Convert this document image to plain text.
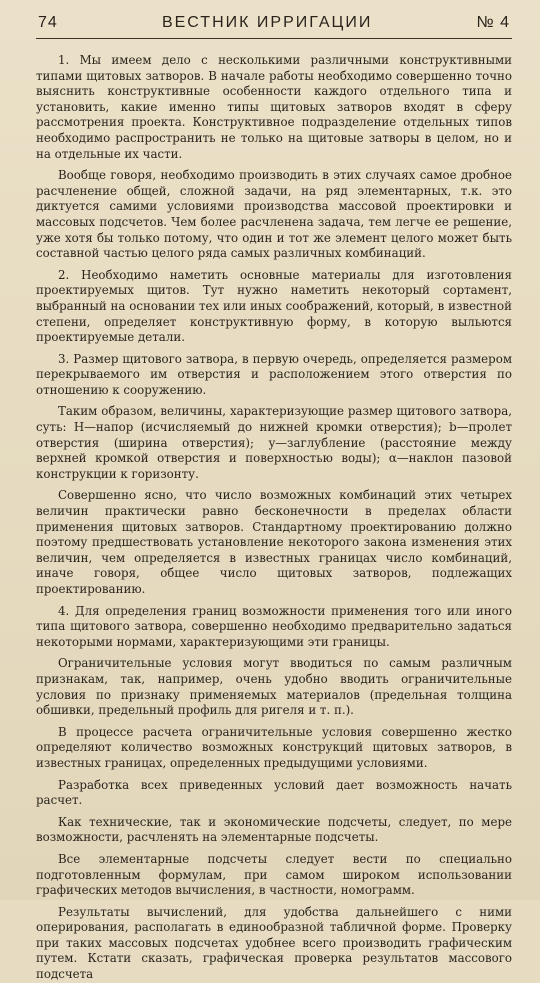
74	ВЕСТНИК ИРРИГАЦИИ	№ 4

1. Мы имеем дело с несколькими различными конструктивными типами щитовых затворов. В начале работы необходимо совершенно точно выяснить конструктивные особенности каждого отдельного типа и установить, какие именно типы щитовых затворов входят в сферу рассмотрения проекта. Конструктивное подразделение отдельных типов необходимо распространить не только на щитовые затворы в целом, но и на отдельные их части.

Вообще говоря, необходимо производить в этих случаях самое дробное расчленение общей, сложной задачи, на ряд элементарных, т.к. это диктуется самими условиями производства массовой проектировки и массовых подсчетов. Чем более расчленена задача, тем легче ее решение, уже хотя бы только потому, что один и тот же элемент целого может быть составной частью целого ряда самых различных комбинаций.

2. Необходимо наметить основные материалы для изготовления проектируемых щитов. Тут нужно наметить некоторый сортамент, выбранный на основании тех или иных соображений, который, в известной степени, определяет конструктивную форму, в которую выльются проектируемые детали.

3. Размер щитового затвора, в первую очередь, определяется размером перекрываемого им отверстия и расположением этого отверстия по отношению к сооружению.

Таким образом, величины, характеризующие размер щитового затвора, суть: H—напор (исчисляемый до нижней кромки отверстия); b—пролет отверстия (ширина отверстия); y—заглубление (расстояние между верхней кромкой отверстия и поверхностью воды); α—наклон пазовой конструкции к горизонту.

Совершенно ясно, что число возможных комбинаций этих четырех величин практически равно бесконечности в пределах области применения щитовых затворов. Стандартному проектированию должно поэтому предшествовать установление некоторого закона изменения этих величин, чем определяется в известных границах число комбинаций, иначе говоря, общее число щитовых затворов, подлежащих проектированию.

4. Для определения границ возможности применения того или иного типа щитового затвора, совершенно необходимо предварительно задаться некоторыми нормами, характеризующими эти границы.

Ограничительные условия могут вводиться по самым различным признакам, так, например, очень удобно вводить ограничительные условия по признаку применяемых материалов (предельная толщина обшивки, предельный профиль для ригеля и т. п.).

В процессе расчета ограничительные условия совершенно жестко определяют количество возможных конструкций щитовых затворов, в известных границах, определенных предыдущими условиями.

Разработка всех приведенных условий дает возможность начать расчет.

Как технические, так и экономические подсчеты, следует, по мере возможности, расчленять на элементарные подсчеты.

Все элементарные подсчеты следует вести по специально подготовленным формулам, при самом широком использовании графических методов вычисления, в частности, номограмм.

Результаты вычислений, для удобства дальнейшего с ними оперирования, располагать в единообразной табличной форме. Проверку при таких массовых подсчетах удобнее всего производить графическим путем. Кстати сказать, графическая проверка результатов массового подсчета
